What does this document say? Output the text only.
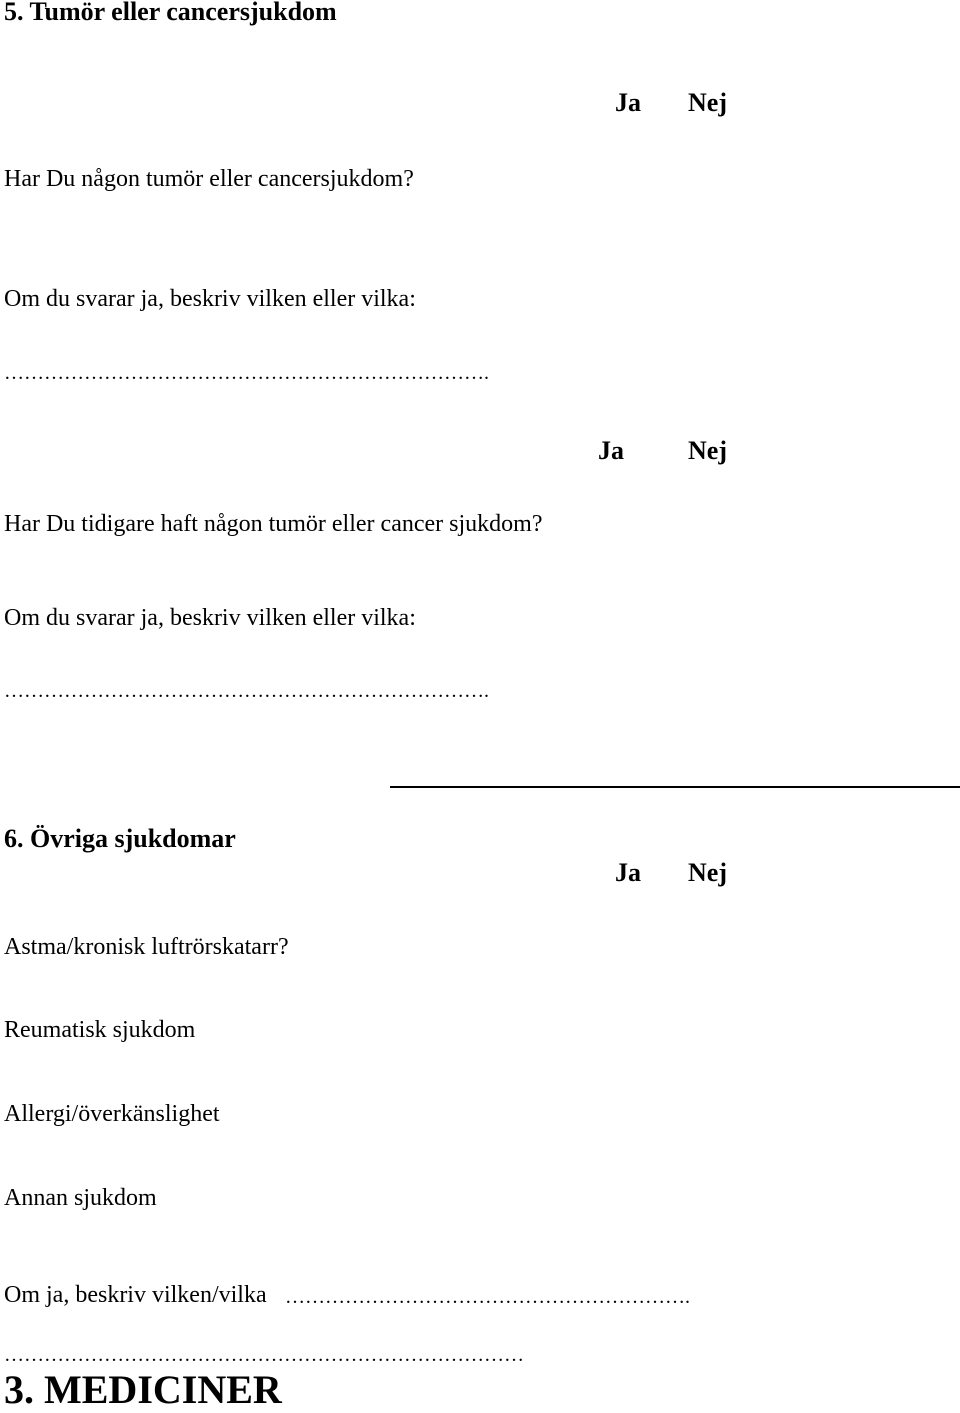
5. Tumör eller cancersjukdom
Ja Nej
Har Du någon tumör eller cancersjukdom?
Om du svarar ja, beskriv vilken eller vilka:
……………………………………………………………….
Ja Nej
Har Du tidigare haft någon tumör eller cancer sjukdom?
Om du svarar ja, beskriv vilken eller vilka:
……………………………………………………………….
6. Övriga sjukdomar
Ja Nej
Astma/kronisk luftrörskatarr?
Reumatisk sjukdom
Allergi/överkänslighet
Annan sjukdom
Om ja, beskriv vilken/vilka …………………………………………………….
……………………………………………………………………
3. MEDICINER
